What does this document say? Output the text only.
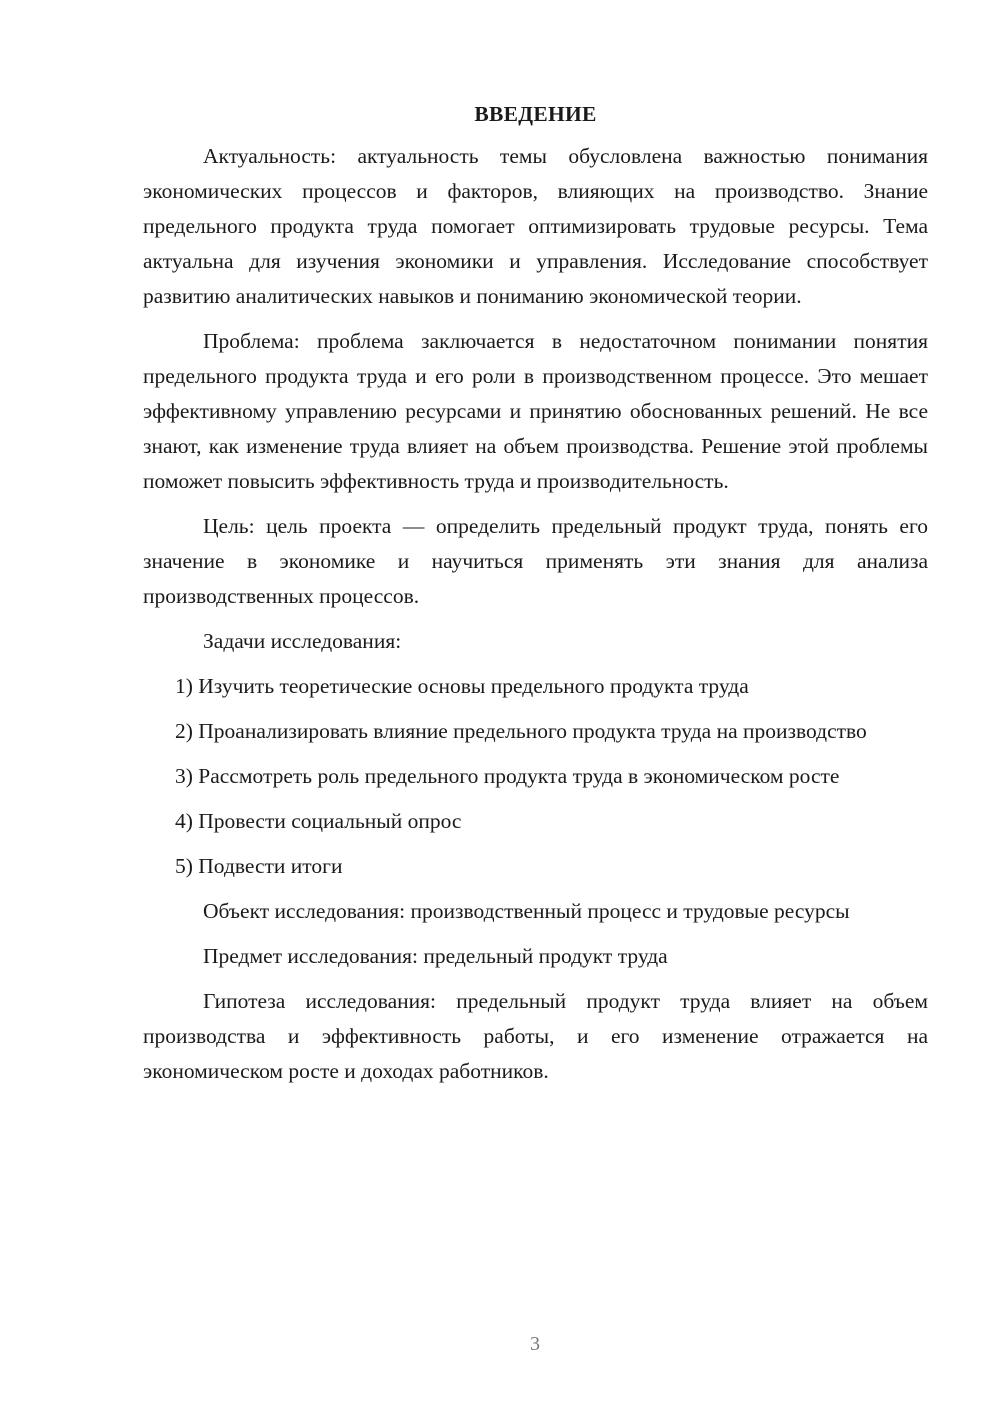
ВВЕДЕНИЕ

Актуальность: актуальность темы обусловлена важностью понимания экономических процессов и факторов, влияющих на производство. Знание предельного продукта труда помогает оптимизировать трудовые ресурсы. Тема актуальна для изучения экономики и управления. Исследование способствует развитию аналитических навыков и пониманию экономической теории.

Проблема: проблема заключается в недостаточном понимании понятия предельного продукта труда и его роли в производственном процессе. Это мешает эффективному управлению ресурсами и принятию обоснованных решений. Не все знают, как изменение труда влияет на объем производства. Решение этой проблемы поможет повысить эффективность труда и производительность.

Цель: цель проекта — определить предельный продукт труда, понять его значение в экономике и научиться применять эти знания для анализа производственных процессов.

Задачи исследования:

1) Изучить теоретические основы предельного продукта труда

2) Проанализировать влияние предельного продукта труда на производство

3) Рассмотреть роль предельного продукта труда в экономическом росте

4) Провести социальный опрос

5) Подвести итоги

Объект исследования: производственный процесс и трудовые ресурсы

Предмет исследования: предельный продукт труда

Гипотеза исследования: предельный продукт труда влияет на объем производства и эффективность работы, и его изменение отражается на экономическом росте и доходах работников.

3
